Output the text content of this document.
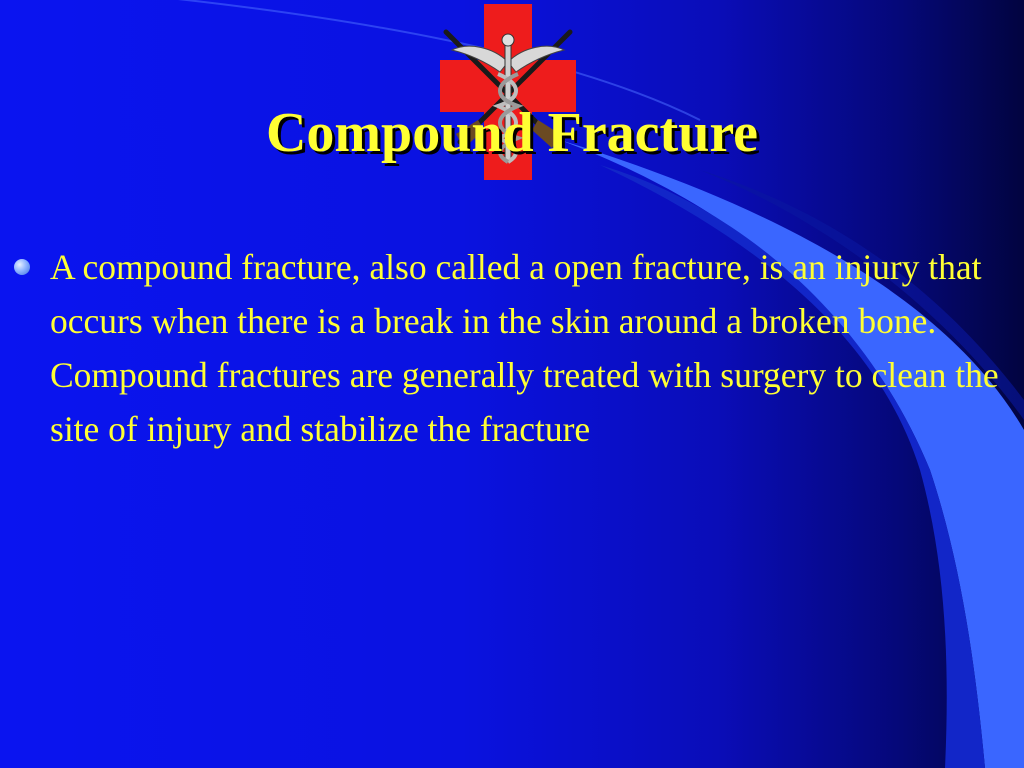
Compound Fracture
A compound fracture, also called a open fracture, is an injury that occurs when there is a break in the skin around a broken bone. Compound fractures are generally treated with surgery to clean the site of injury and stabilize the fracture
